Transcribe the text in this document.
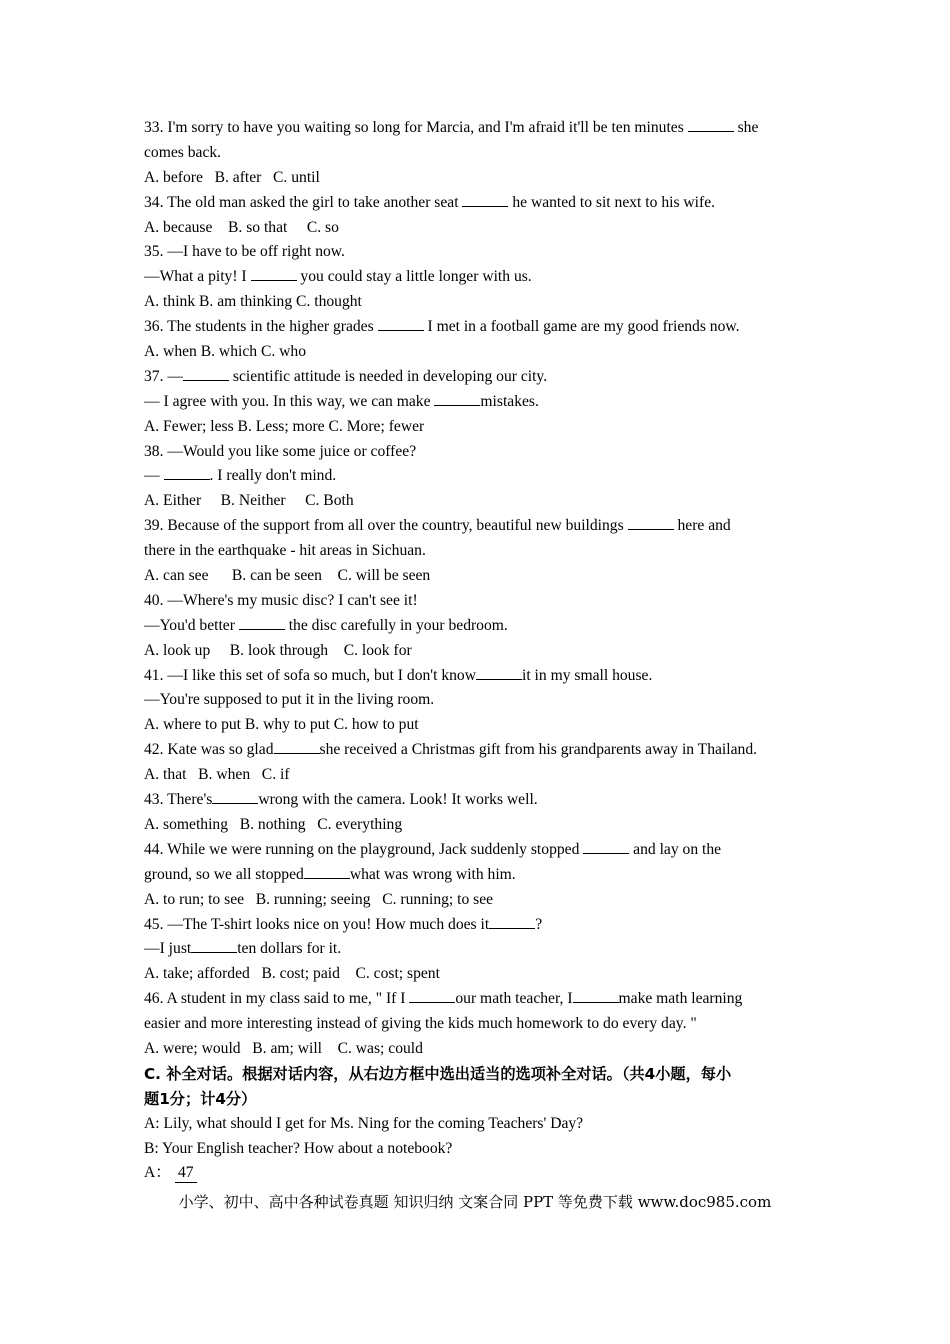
33. I'm sorry to have you waiting so long for Marcia, and I'm afraid it'll be ten minutes	she
comes back.
A. before   B. after   C. until
34. The old man asked the girl to take another seat	he wanted to sit next to his wife.
A. because    B. so that     C. so
35. —I have to be off right now.
—What a pity! I	you could stay a little longer with us.
A. think B. am thinking C. thought
36. The students in the higher grades	I met in a football game are my good friends now.
A. when B. which C. who
37. —	scientific attitude is needed in developing our city.
— I agree with you. In this way, we can make	mistakes.
A. Fewer; less B. Less; more C. More; fewer
38. —Would you like some juice or coffee?
—	. I really don't mind.
A. Either     B. Neither     C. Both
39. Because of the support from all over the country, beautiful new buildings	here and
there in the earthquake - hit areas in Sichuan.
A. can see      B. can be seen    C. will be seen
40. —Where's my music disc? I can't see it!
—You'd better	the disc carefully in your bedroom.
A. look up     B. look through    C. look for
41. —I like this set of sofa so much, but I don't know	it in my small house.
—You're supposed to put it in the living room.
A. where to put B. why to put C. how to put
42. Kate was so glad	she received a Christmas gift from his grandparents away in Thailand.
A. that   B. when   C. if
43. There's	wrong with the camera. Look! It works well.
A. something   B. nothing   C. everything
44. While we were running on the playground, Jack suddenly stopped	and lay on the
ground, so we all stopped	what was wrong with him.
A. to run; to see   B. running; seeing   C. running; to see
45. —The T-shirt looks nice on you! How much does it	?
—I just	ten dollars for it.
A. take; afforded   B. cost; paid    C. cost; spent
46. A student in my class said to me, " If I	our math teacher, I	make math learning
easier and more interesting instead of giving the kids much homework to do every day. "
A. were; would   B. am; will    C. was; could
C. 补全对话。根据对话内容，从右边方框中选出适当的选项补全对话。（共4小题，每小
题1分；计4分）
A: Lily, what should I get for Ms. Ning for the coming Teachers' Day?
B: Your English teacher? How about a notebook?
A： 47
小学、初中、高中各种试卷真题 知识归纳 文案合同 PPT 等免费下载 www.doc985.com
